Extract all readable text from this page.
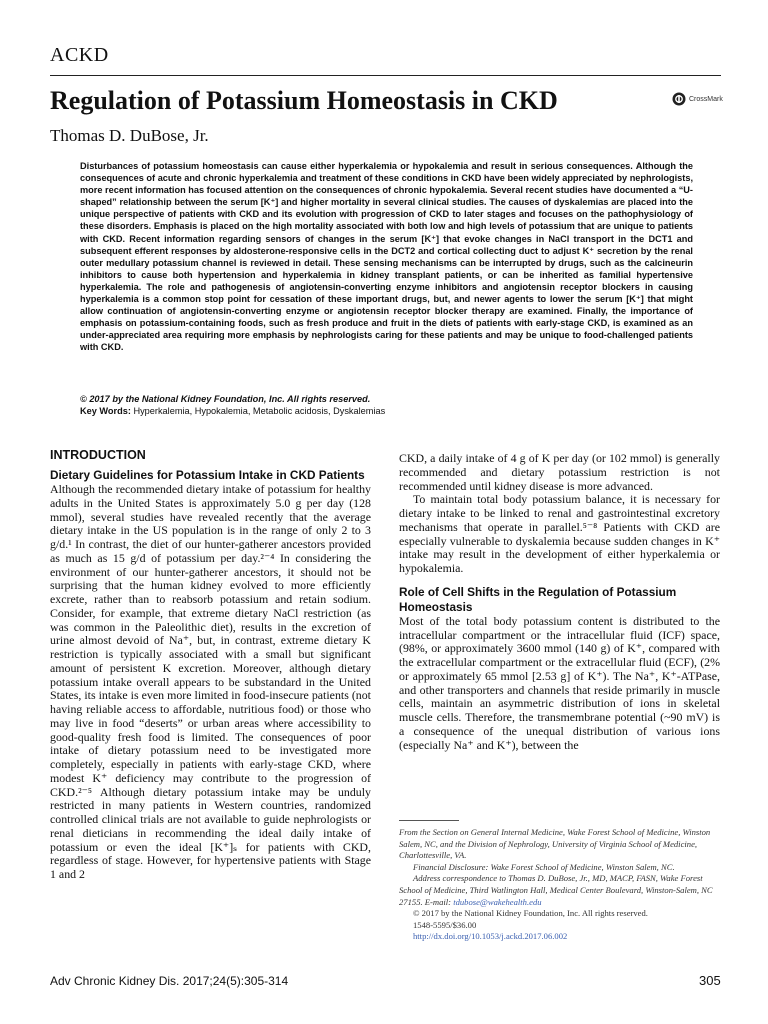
ACKD
Regulation of Potassium Homeostasis in CKD	CrossMark
Thomas D. DuBose, Jr.

Disturbances of potassium homeostasis can cause either hyperkalemia or hypokalemia and result in serious consequences. Although the consequences of acute and chronic hyperkalemia and treatment of these conditions in CKD have been widely appreciated by nephrologists, more recent information has focused attention on the consequences of chronic hypokalemia. Several recent studies have documented a “U-shaped” relationship between the serum [K⁺] and higher mortality in several clinical studies. The causes of dyskalemias are placed into the unique perspective of patients with CKD and its evolution with progression of CKD to later stages and focuses on the pathophysiology of these disorders. Emphasis is placed on the high mortality associated with both low and high levels of potassium that are unique to patients with CKD. Recent information regarding sensors of changes in the serum [K⁺] that evoke changes in NaCl transport in the DCT1 and subsequent efferent responses by aldosterone-responsive cells in the DCT2 and cortical collecting duct to adjust K⁺ secretion by the renal outer medullary potassium channel is reviewed in detail. These sensing mechanisms can be interrupted by drugs, such as the calcineurin inhibitors to cause both hypertension and hyperkalemia in kidney transplant patients, or can be inherited as familial hypertensive hyperkalemia. The role and pathogenesis of angiotensin-converting enzyme inhibitors and angiotensin receptor blockers in causing hyperkalemia is a common stop point for cessation of these important drugs, but, and newer agents to lower the serum [K⁺] that might allow continuation of angiotensin-converting enzyme or angiotensin receptor blocker therapy are examined. Finally, the importance of emphasis on potassium-containing foods, such as fresh produce and fruit in the diets of patients with early-stage CKD, is examined as an under-appreciated area requiring more emphasis by nephrologists caring for these patients and may be unique to food-challenged patients with CKD.

© 2017 by the National Kidney Foundation, Inc. All rights reserved.
Key Words: Hyperkalemia, Hypokalemia, Metabolic acidosis, Dyskalemias
INTRODUCTION
Dietary Guidelines for Potassium Intake in CKD Patients

Although the recommended dietary intake of potassium for healthy adults in the United States is approximately 5.0 g per day (128 mmol), several studies have revealed recently that the average dietary intake in the US population is in the range of only 2 to 3 g/d.¹ In contrast, the diet of our hunter-gatherer ancestors provided as much as 15 g/d of potassium per day.²⁻⁴ In considering the environment of our hunter-gatherer ancestors, it should not be surprising that the human kidney evolved to more efficiently excrete, rather than to reabsorb potassium and retain sodium. Consider, for example, that extreme dietary NaCl restriction (as was common in the Paleolithic diet), results in the excretion of urine almost devoid of Na⁺, but, in contrast, extreme dietary K restriction is typically associated with a small but significant amount of persistent K excretion. Moreover, although dietary potassium intake overall appears to be substandard in the United States, its intake is even more limited in food-insecure patients (not having reliable access to affordable, nutritious food) or those who may live in food “deserts” or urban areas where accessibility to good-quality fresh food is limited. The consequences of poor intake of dietary potassium need to be investigated more completely, especially in patients with early-stage CKD, where modest K⁺ deficiency may contribute to the progression of CKD.²⁻⁵ Although dietary potassium intake may be unduly restricted in many patients in Western countries, randomized controlled clinical trials are not available to guide nephrologists or renal dieticians in recommending the ideal daily intake of potassium or even the ideal [K⁺]ₛ for patients with CKD, regardless of stage. However, for hypertensive patients with Stage 1 and 2

CKD, a daily intake of 4 g of K per day (or 102 mmol) is generally recommended and dietary potassium restriction is not recommended until kidney disease is more advanced.

To maintain total body potassium balance, it is necessary for dietary intake to be linked to renal and gastrointestinal excretory mechanisms that operate in parallel.⁵⁻⁸ Patients with CKD are especially vulnerable to dyskalemia because sudden changes in K⁺ intake may result in the development of either hyperkalemia or hypokalemia.

Role of Cell Shifts in the Regulation of Potassium Homeostasis

Most of the total body potassium content is distributed to the intracellular compartment or the intracellular fluid (ICF) space, (98%, or approximately 3600 mmol (140 g) of K⁺, compared with the extracellular compartment or the extracellular fluid (ECF), (2% or approximately 65 mmol [2.53 g] of K⁺). The Na⁺, K⁺-ATPase, and other transporters and channels that reside primarily in muscle cells, maintain an asymmetric distribution of ions in skeletal muscle cells. Therefore, the transmembrane potential (~90 mV) is a consequence of the unequal distribution of various ions (especially Na⁺ and K⁺), between the

From the Section on General Internal Medicine, Wake Forest School of Medicine, Winston Salem, NC, and the Division of Nephrology, University of Virginia School of Medicine, Charlottesville, VA.

Financial Disclosure: Wake Forest School of Medicine, Winston Salem, NC.

Address correspondence to Thomas D. DuBose, Jr., MD, MACP, FASN, Wake Forest School of Medicine, Third Watlington Hall, Medical Center Boulevard, Winston-Salem, NC 27155. E-mail: tdubose@wakehealth.edu

© 2017 by the National Kidney Foundation, Inc. All rights reserved.

1548-5595/$36.00

http://dx.doi.org/10.1053/j.ackd.2017.06.002

Adv Chronic Kidney Dis. 2017;24(5):305-314	305
